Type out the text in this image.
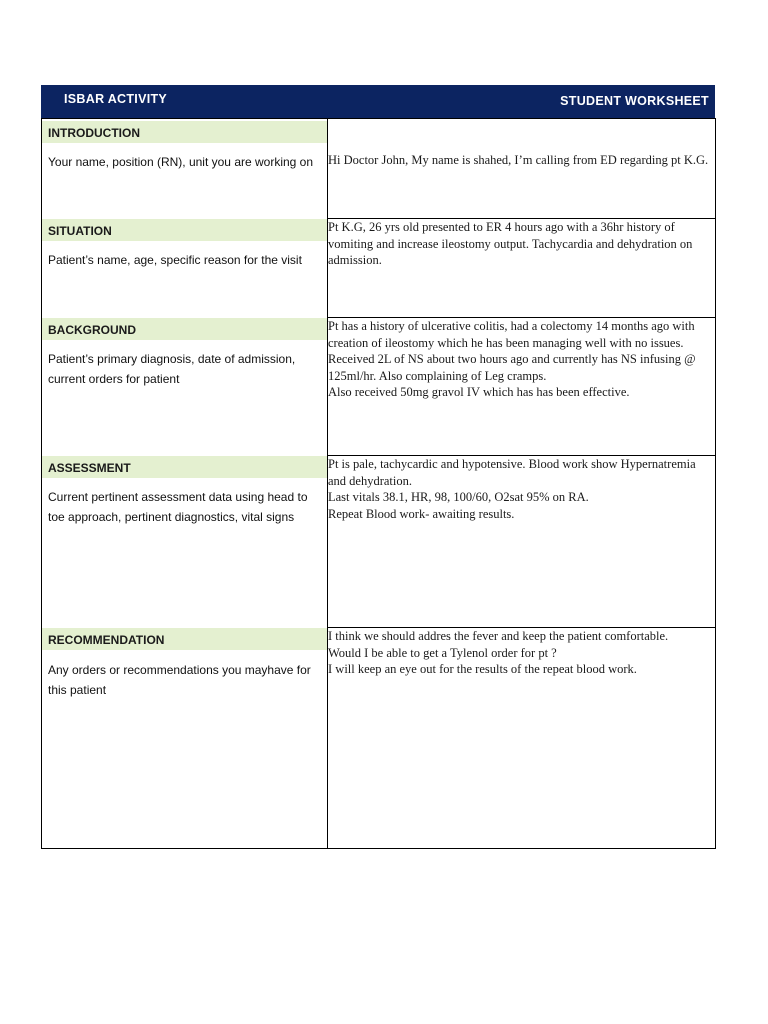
ISBAR ACTIVITY	STUDENT WORKSHEET
INTRODUCTION
Your name, position (RN), unit you are working on	Hi Doctor John, My name is shahed, I’m calling from ED regarding pt K.G.
SITUATION
Patient’s name, age, specific reason for the visit
Pt K.G, 26 yrs old presented to ER 4 hours ago with a 36hr history of vomiting and increase ileostomy output. Tachycardia and dehydration on admission.
BACKGROUND
Patient’s primary diagnosis, date of admission, current orders for patient
Pt has a history of ulcerative colitis, had a colectomy 14 months ago with creation of ileostomy which he has been managing well with no issues.
Received 2L of NS about two hours ago and currently has NS infusing @ 125ml/hr. Also complaining of Leg cramps.
Also received 50mg gravol IV which has has been effective.
ASSESSMENT
Current pertinent assessment data using head to toe approach, pertinent diagnostics, vital signs
Pt is pale, tachycardic and hypotensive. Blood work show Hypernatremia and dehydration.
Last vitals 38.1, HR, 98, 100/60, O2sat 95% on RA.
Repeat Blood work- awaiting results.
RECOMMENDATION
Any orders or recommendations you mayhave for this patient
I think we should addres the fever and keep the patient comfortable.
Would I be able to get a Tylenol order for pt ?
I will keep an eye out for the results of the repeat blood work.
